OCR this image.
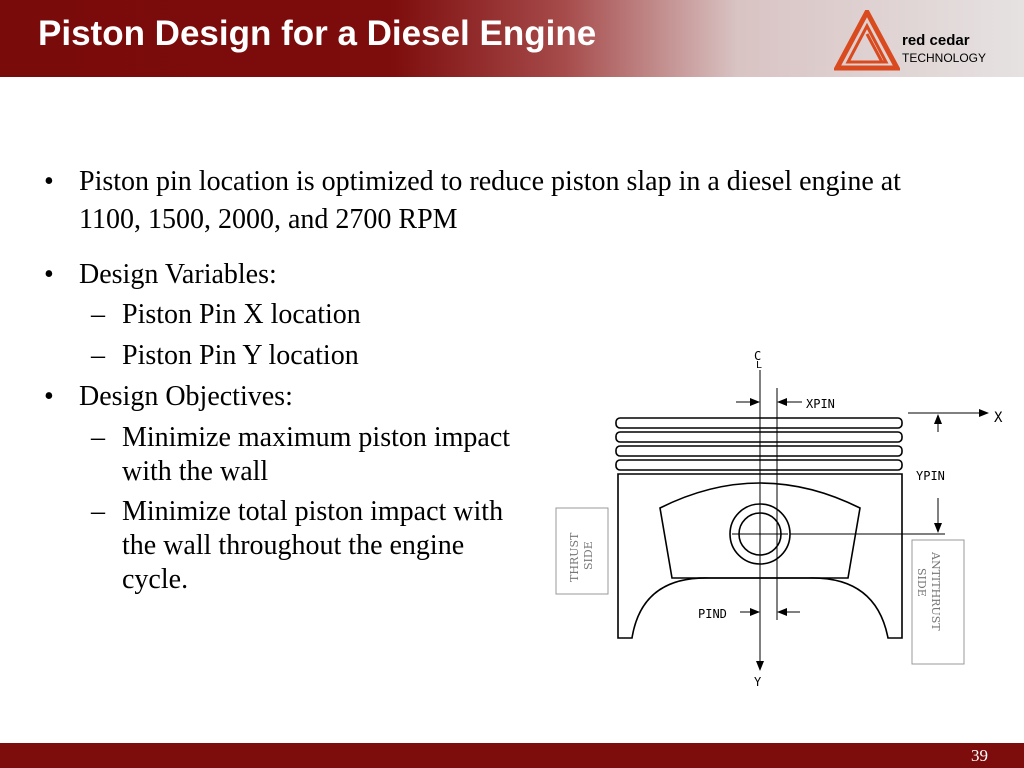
Piston Design for a Diesel Engine	red cedar
TECHNOLOGY
• Piston pin location is optimized to reduce piston slap in a diesel engine at 1100, 1500, 2000, and 2700 RPM
• Design Variables:
– Piston Pin X location
– Piston Pin Y location
• Design Objectives:
– Minimize maximum piston impact with the wall
– Minimize total piston impact with the wall throughout the engine cycle.
C
L
XPIN
X
YPIN
PIND
Y
THRUST SIDE	ANTITHRUST
SIDE
39
